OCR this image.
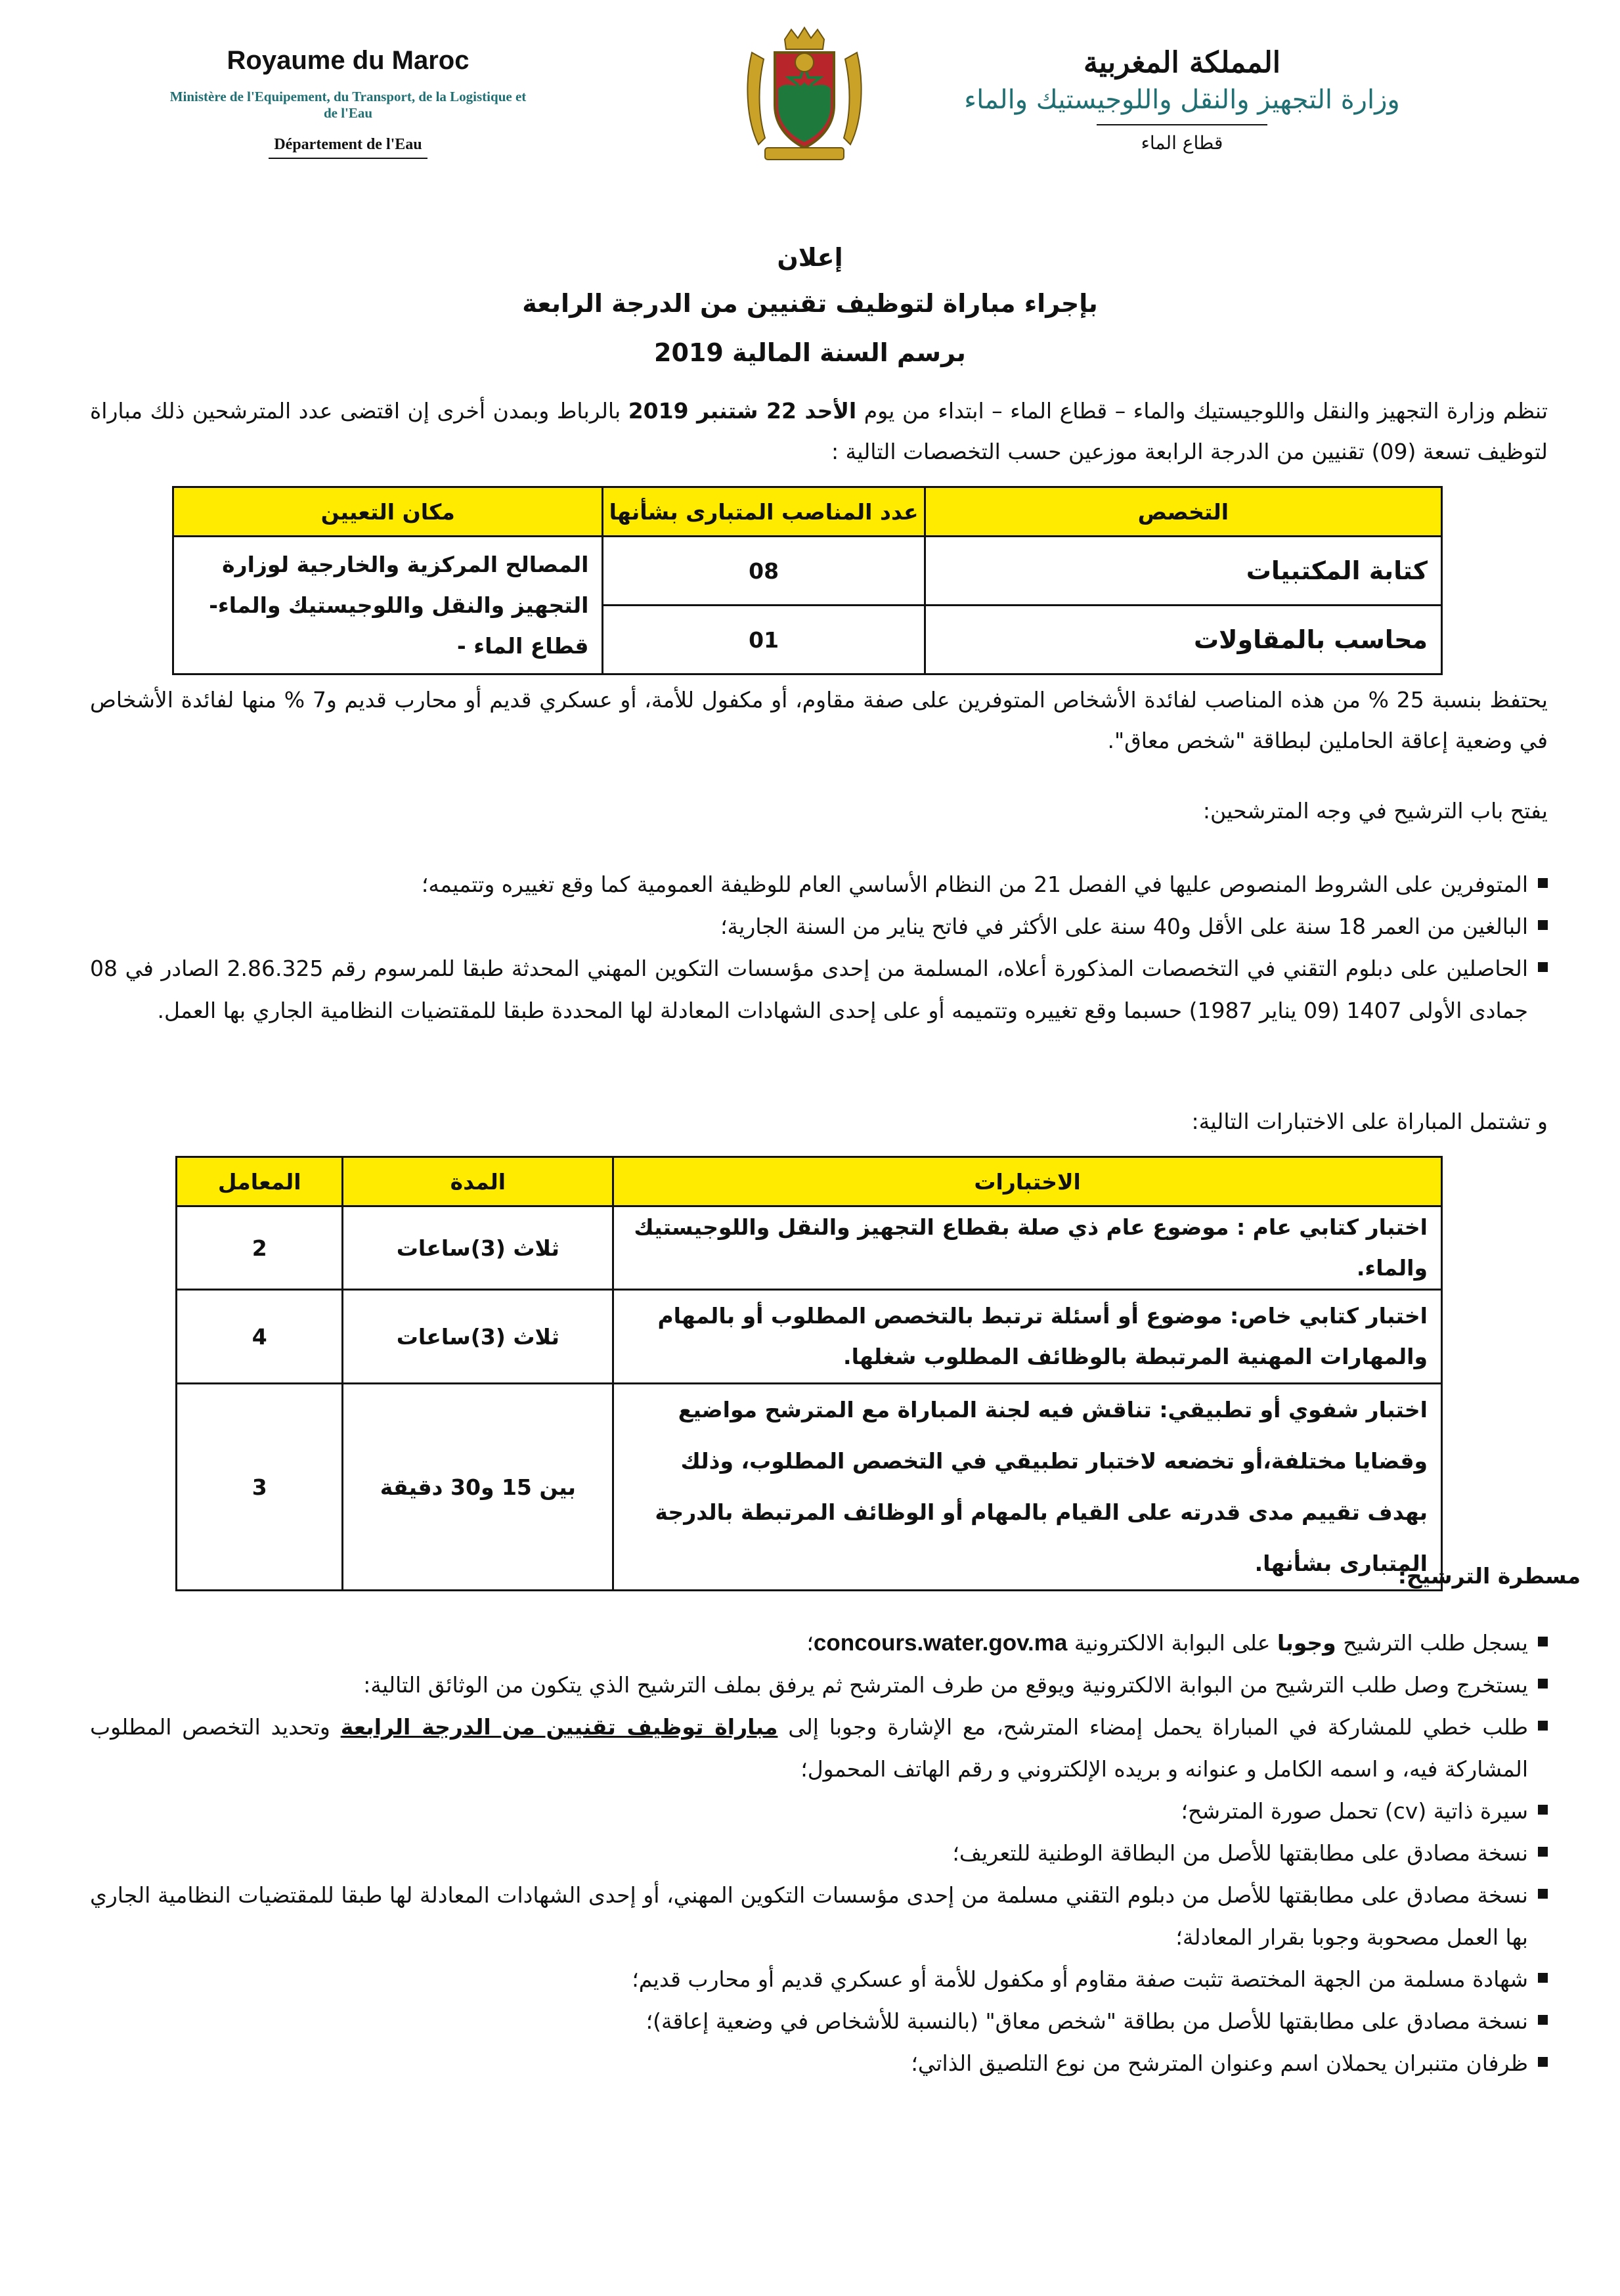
Royaume du Maroc
Ministère de l'Equipement, du Transport, de la Logistique et de l'Eau
Département de l'Eau
المملكة المغربية
وزارة التجهيز والنقل واللوجيستيك والماء
قطاع الماء
إعلان
بإجراء مباراة لتوظيف تقنيين من الدرجة الرابعة
برسم السنة المالية 2019
تنظم وزارة التجهيز والنقل واللوجيستيك والماء – قطاع الماء – ابتداء من يوم الأحد 22 شتنبر 2019 بالرباط وبمدن أخرى إن اقتضى عدد المترشحين ذلك مباراة لتوظيف تسعة (09) تقنيين من الدرجة الرابعة موزعين حسب التخصصات التالية :
التخصص	عدد المناصب المتبارى بشأنها	مكان التعيين
كتابة المكتبيات	08	المصالح المركزية والخارجية لوزارة التجهيز والنقل واللوجيستيك والماء- قطاع الماء -
محاسب بالمقاولات	01	
يحتفظ بنسبة 25 % من هذه المناصب لفائدة الأشخاص المتوفرين على صفة مقاوم، أو مكفول للأمة، أو عسكري قديم أو محارب قديم و7 % منها لفائدة الأشخاص في وضعية إعاقة الحاملين لبطاقة "شخص معاق".
يفتح باب الترشيح في وجه المترشحين:
المتوفرين على الشروط المنصوص عليها في الفصل 21 من النظام الأساسي العام للوظيفة العمومية كما وقع تغييره وتتميمه؛
البالغين من العمر 18 سنة على الأقل و40 سنة على الأكثر في فاتح يناير من السنة الجارية؛
الحاصلين على دبلوم التقني في التخصصات المذكورة أعلاه، المسلمة من إحدى مؤسسات التكوين المهني المحدثة طبقا للمرسوم رقم 2.86.325 الصادر في 08 جمادى الأولى 1407 (09 يناير 1987) حسبما وقع تغييره وتتميمه أو على إحدى الشهادات المعادلة لها المحددة طبقا للمقتضيات النظامية الجاري بها العمل.
و تشتمل المباراة على الاختبارات التالية:
الاختبارات	المدة	المعامل
اختبار كتابي عام : موضوع عام ذي صلة بقطاع التجهيز والنقل واللوجيستيك والماء.	ثلاث (3)ساعات	2
اختبار كتابي خاص: موضوع أو أسئلة ترتبط بالتخصص المطلوب أو بالمهام والمهارات المهنية المرتبطة بالوظائف المطلوب شغلها.	ثلاث (3)ساعات	4
اختبار شفوي أو تطبيقي: تناقش فيه لجنة المباراة مع المترشح مواضيع وقضايا مختلفة،أو تخضعه لاختبار تطبيقي في التخصص المطلوب، وذلك بهدف تقييم مدى قدرته على القيام بالمهام أو الوظائف المرتبطة بالدرجة المتبارى بشأنها.	بين 15 و30 دقيقة	3
مسطرة الترشيح:
يسجل طلب الترشيح وجوبا على البوابة الالكترونية concours.water.gov.ma؛
يستخرج وصل طلب الترشيح من البوابة الالكترونية ويوقع من طرف المترشح ثم يرفق بملف الترشيح الذي يتكون من الوثائق التالية:
طلب خطي للمشاركة في المباراة يحمل إمضاء المترشح، مع الإشارة وجوبا إلى مباراة توظيف تقنيين من الدرجة الرابعة وتحديد التخصص المطلوب المشاركة فيه، و اسمه الكامل و عنوانه و بريده الإلكتروني و رقم الهاتف المحمول؛
سيرة ذاتية (cv) تحمل صورة المترشح؛
نسخة مصادق على مطابقتها للأصل من البطاقة الوطنية للتعريف؛
نسخة مصادق على مطابقتها للأصل من دبلوم التقني مسلمة من إحدى مؤسسات التكوين المهني، أو إحدى الشهادات المعادلة لها طبقا للمقتضيات النظامية الجاري بها العمل مصحوبة وجوبا بقرار المعادلة؛
شهادة مسلمة من الجهة المختصة تثبت صفة مقاوم أو مكفول للأمة أو عسكري قديم أو محارب قديم؛
نسخة مصادق على مطابقتها للأصل من بطاقة "شخص معاق" (بالنسبة للأشخاص في وضعية إعاقة)؛
ظرفان متنبران يحملان اسم وعنوان المترشح من نوع التلصيق الذاتي؛
